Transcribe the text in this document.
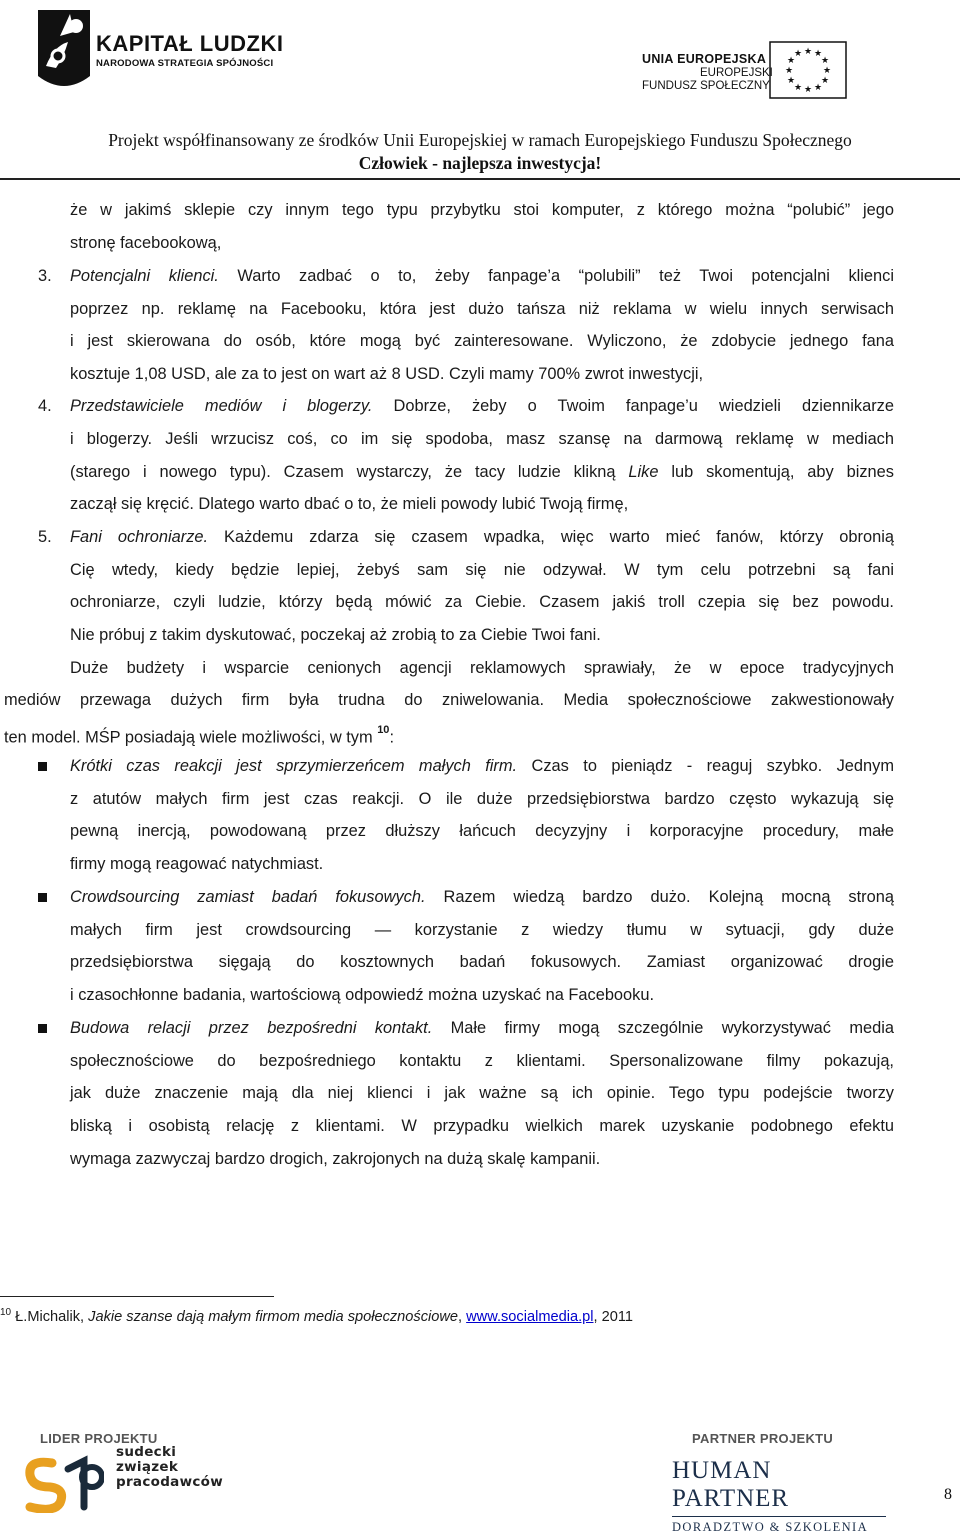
KAPITAŁ LUDZKI
NARODOWA STRATEGIA SPÓJNOŚCI	UNIA EUROPEJSKA
EUROPEJSKI
FUNDUSZ SPOŁECZNY
★ ★
★
★
★
★
★
★
★
★
★
★
Projekt współfinansowany ze środków Unii Europejskiej w ramach Europejskiego Funduszu Społecznego
Człowiek - najlepsza inwestycja!
że w jakimś sklepie czy innym tego typu przybytku stoi komputer, z którego można “polubić” jego
stronę facebookową,
3. Potencjalni klienci. Warto zadbać o to, żeby fanpage’a “polubili” też Twoi potencjalni klienci
poprzez np. reklamę na Facebooku, która jest dużo tańsza niż reklama w wielu innych serwisach
i jest skierowana do osób, które mogą być zainteresowane. Wyliczono, że zdobycie jednego fana
kosztuje 1,08 USD, ale za to jest on wart aż 8 USD. Czyli mamy 700% zwrot inwestycji,
4. Przedstawiciele mediów i blogerzy. Dobrze, żeby o Twoim fanpage’u wiedzieli dziennikarze
i blogerzy. Jeśli wrzucisz coś, co im się spodoba, masz szansę na darmową reklamę w mediach
(starego i nowego typu). Czasem wystarczy, że tacy ludzie klikną Like lub skomentują, aby biznes
zaczął się kręcić. Dlatego warto dbać o to, że mieli powody lubić Twoją firmę,
5. Fani ochroniarze. Każdemu zdarza się czasem wpadka, więc warto mieć fanów, którzy obronią
Cię wtedy, kiedy będzie lepiej, żebyś sam się nie odzywał. W tym celu potrzebni są fani
ochroniarze, czyli ludzie, którzy będą mówić za Ciebie. Czasem jakiś troll czepia się bez powodu.
Nie próbuj z takim dyskutować, poczekaj aż zrobią to za Ciebie Twoi fani.
Duże budżety i wsparcie cenionych agencji reklamowych sprawiały, że w epoce tradycyjnych
mediów przewaga dużych firm była trudna do zniwelowania. Media społecznościowe zakwestionowały
ten model. MŚP posiadają wiele możliwości, w tym $^{10}$:
Krótki czas reakcji jest sprzymierzeńcem małych firm. Czas to pieniądz - reaguj szybko. Jednym
z atutów małych firm jest czas reakcji. O ile duże przedsiębiorstwa bardzo często wykazują się
pewną inercją, powodowaną przez dłuższy łańcuch decyzyjny i korporacyjne procedury, małe
firmy mogą reagować natychmiast.
Crowdsourcing zamiast badań fokusowych. Razem wiedzą bardzo dużo. Kolejną mocną stroną
małych firm jest crowdsourcing — korzystanie z wiedzy tłumu w sytuacji, gdy duże
przedsiębiorstwa sięgają do kosztownych badań fokusowych. Zamiast organizować drogie
i czasochłonne badania, wartościową odpowiedź można uzyskać na Facebooku.
Budowa relacji przez bezpośredni kontakt. Małe firmy mogą szczególnie wykorzystywać media
społecznościowe do bezpośredniego kontaktu z klientami. Spersonalizowane filmy pokazują,
jak duże znaczenie mają dla niej klienci i jak ważne są ich opinie. Tego typu podejście tworzy
bliską i osobistą relację z klientami. W przypadku wielkich marek uzyskanie podobnego efektu
wymaga zazwyczaj bardzo drogich, zakrojonych na dużą skalę kampanii.
$^{10}$ Ł.Michalik, Jakie szanse dają małym firmom media społecznościowe, www.socialmedia.pl, 2011
LIDER PROJEKTU	PARTNER PROJEKTU
sudecki
związek
pracodawców	HUMAN PARTNER
DORADZTWO & SZKOLENIA
8
